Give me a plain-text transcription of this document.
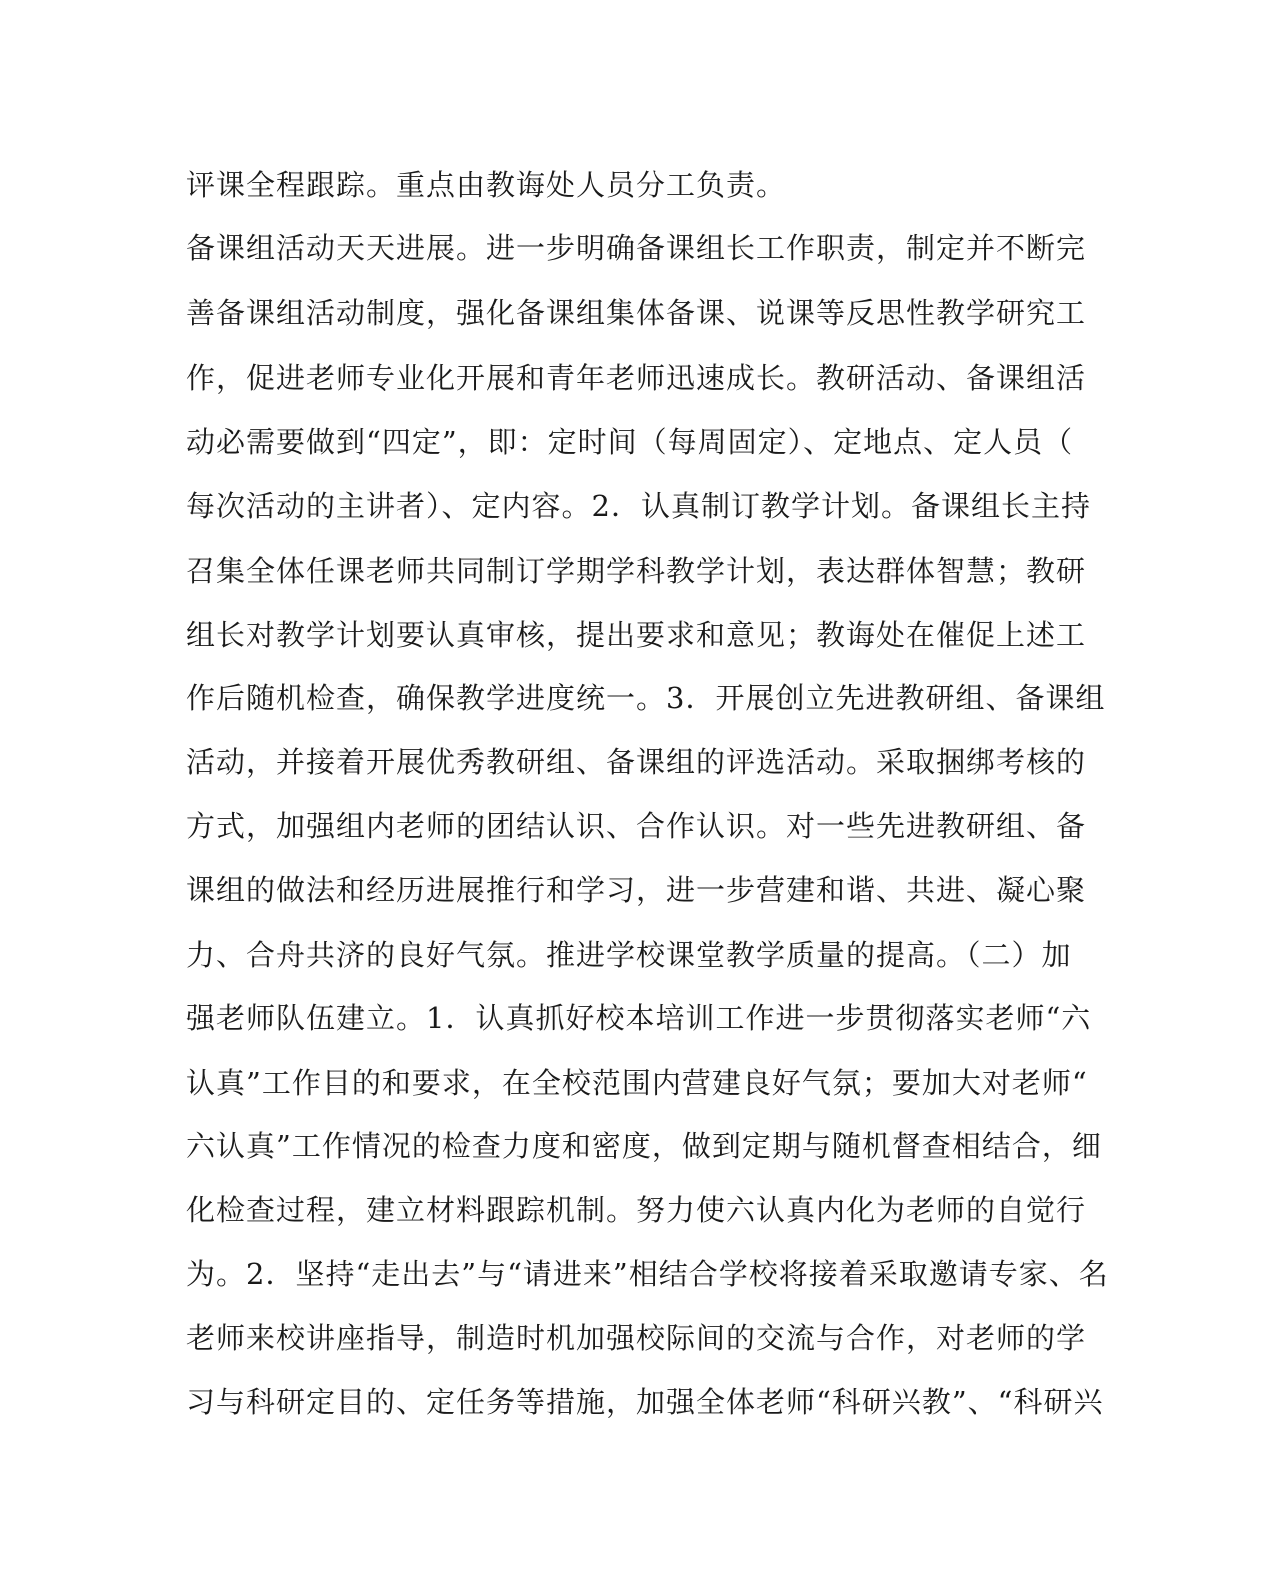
评课全程跟踪。重点由教诲处人员分工负责。
备课组活动天天进展。进一步明确备课组长工作职责，制定并不断完
善备课组活动制度，强化备课组集体备课、说课等反思性教学研究工
作，促进老师专业化开展和青年老师迅速成长。教研活动、备课组活
动必需要做到“四定”，即：定时间（每周固定）、定地点、定人员（
每次活动的主讲者）、定内容。2．认真制订教学计划。备课组长主持
召集全体任课老师共同制订学期学科教学计划，表达群体智慧；教研
组长对教学计划要认真审核，提出要求和意见；教诲处在催促上述工
作后随机检查，确保教学进度统一。3．开展创立先进教研组、备课组
活动，并接着开展优秀教研组、备课组的评选活动。采取捆绑考核的
方式，加强组内老师的团结认识、合作认识。对一些先进教研组、备
课组的做法和经历进展推行和学习，进一步营建和谐、共进、凝心聚
力、合舟共济的良好气氛。推进学校课堂教学质量的提高。（二）加
强老师队伍建立。1．认真抓好校本培训工作进一步贯彻落实老师“六
认真”工作目的和要求，在全校范围内营建良好气氛；要加大对老师“
六认真”工作情况的检查力度和密度，做到定期与随机督查相结合，细
化检查过程，建立材料跟踪机制。努力使六认真内化为老师的自觉行
为。2．坚持“走出去”与“请进来”相结合学校将接着采取邀请专家、名
老师来校讲座指导，制造时机加强校际间的交流与合作，对老师的学
习与科研定目的、定任务等措施，加强全体老师“科研兴教”、“科研兴
